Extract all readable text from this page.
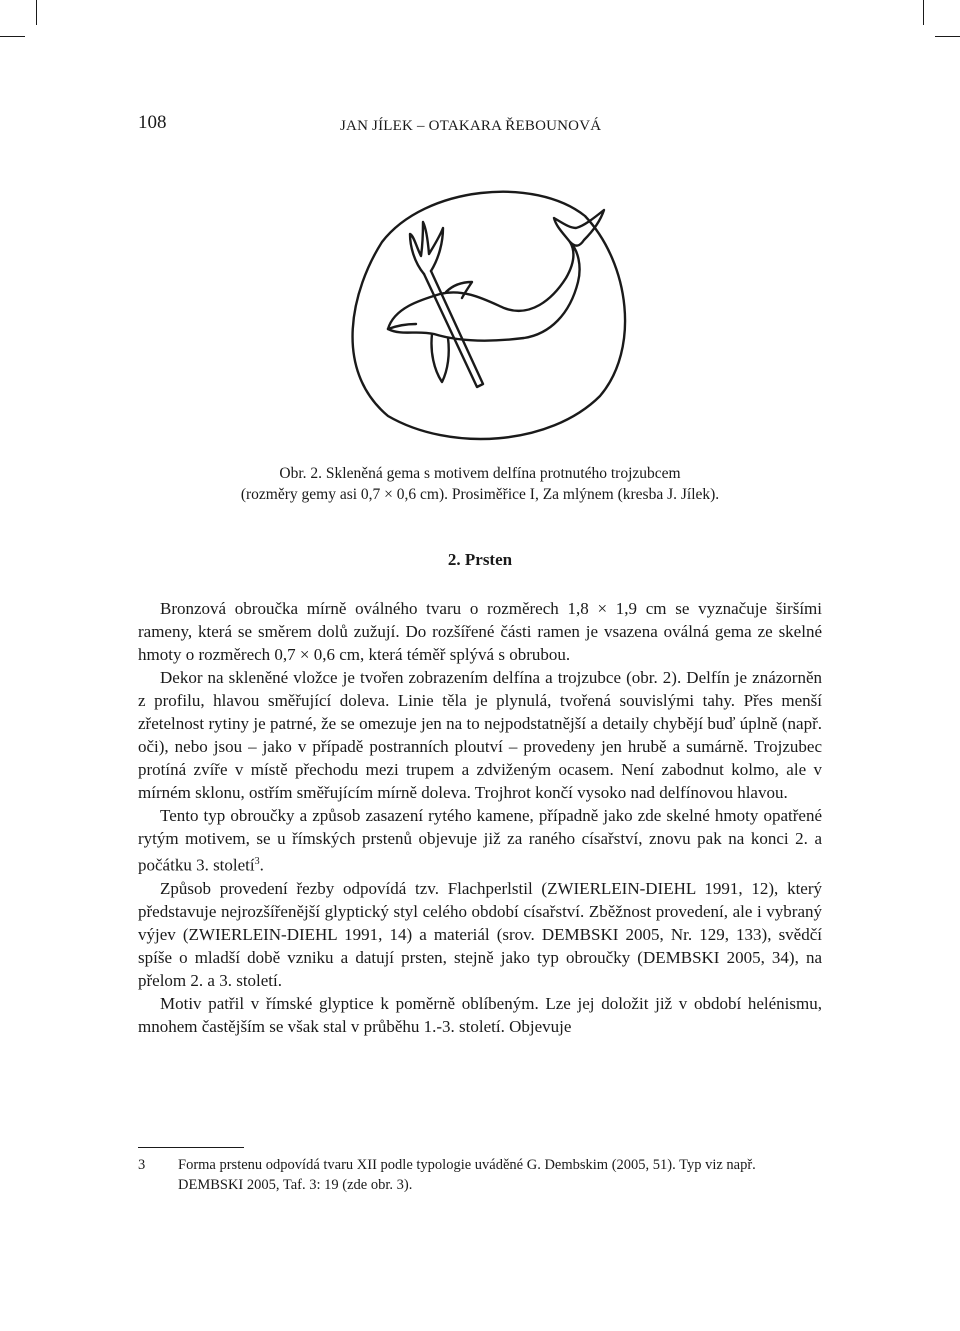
108	JAN JÍLEK – OTAKARA ŘEBOUNOVÁ
Obr. 2. Skleněná gema s motivem delfína protnutého trojzubcem
(rozměry gemy asi 0,7 × 0,6 cm). Prosiměřice I, Za mlýnem (kresba J. Jílek).
2. Prsten

Bronzová obroučka mírně oválného tvaru o rozměrech 1,8 × 1,9 cm se vyznačuje širšími rameny, která se směrem dolů zužují. Do rozšířené části ramen je vsazena oválná gema ze skelné hmoty o rozměrech 0,7 × 0,6 cm, která téměř splývá s obrubou.

Dekor na skleněné vložce je tvořen zobrazením delfína a trojzubce (obr. 2). Delfín je znázorněn z profilu, hlavou směřující doleva. Linie těla je plynulá, tvořená souvislými tahy. Přes menší zřetelnost rytiny je patrné, že se omezuje jen na to nejpodstatnější a detaily chybějí buď úplně (např. oči), nebo jsou – jako v případě postranních ploutví – provedeny jen hrubě a sumárně. Trojzubec protíná zvíře v místě přechodu mezi trupem a zdviženým ocasem. Není zabodnut kolmo, ale v mírném sklonu, ostřím směřujícím mírně doleva. Trojhrot končí vysoko nad delfínovou hlavou.

Tento typ obroučky a způsob zasazení rytého kamene, případně jako zde skelné hmoty opatřené rytým motivem, se u římských prstenů objevuje již za raného císařství, znovu pak na konci 2. a počátku 3. století$^3$.

Způsob provedení řezby odpovídá tzv. Flachperlstil (ZWIERLEIN-DIEHL 1991, 12), který představuje nejrozšířenější glyptický styl celého období císařství. Zběžnost provedení, ale i vybraný výjev (ZWIERLEIN-DIEHL 1991, 14) a materiál (srov. DEMBSKI 2005, Nr. 129, 133), svědčí spíše o mladší době vzniku a datují prsten, stejně jako typ obroučky (DEMBSKI 2005, 34), na přelom 2. a 3. století.

Motiv patřil v římské glyptice k poměrně oblíbeným. Lze jej doložit již v období helénismu, mnohem častějším se však stal v průběhu 1.-3. století. Objevuje

3 Forma prstenu odpovídá tvaru XII podle typologie uváděné G. Dembskim (2005, 51). Typ viz např. DEMBSKI 2005, Taf. 3: 19 (zde obr. 3).
